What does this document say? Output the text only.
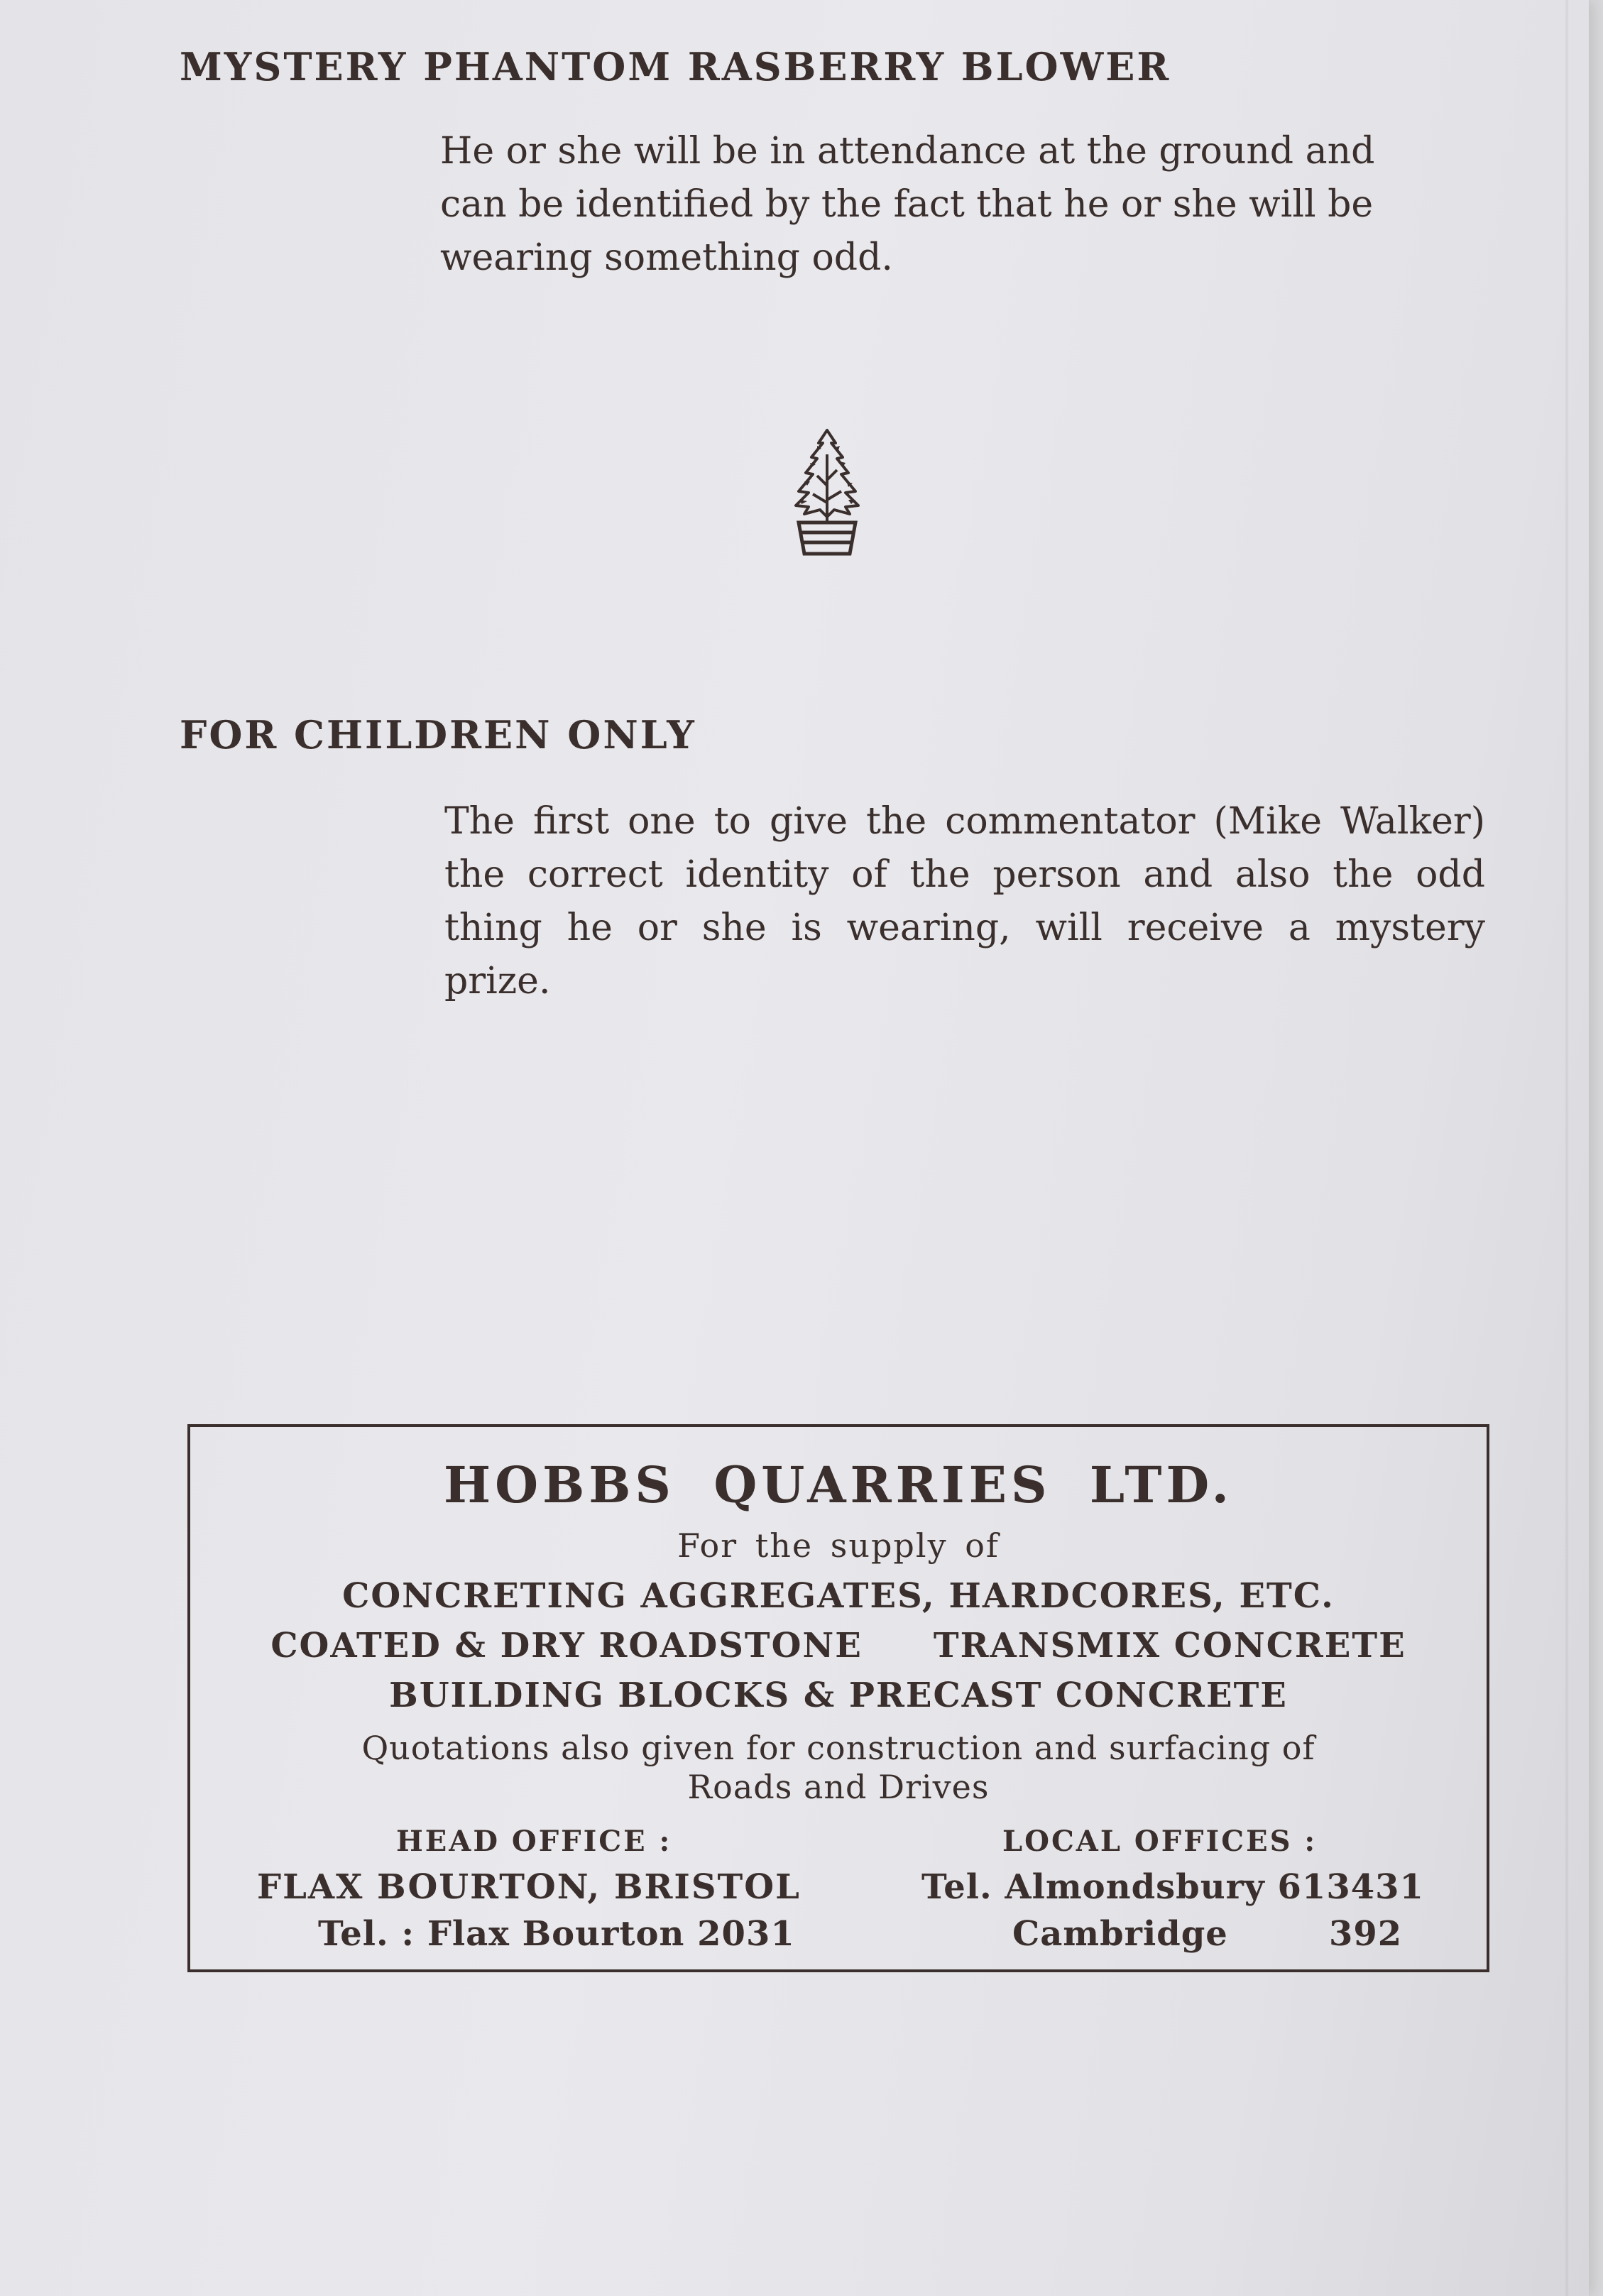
MYSTERY PHANTOM RASBERRY BLOWER
He or she will be in attendance at the ground and
can be identified by the fact that he or she will be
wearing something odd.
FOR CHILDREN ONLY
The first one to give the commentator (Mike Walker) the correct identity of the person and also the odd thing he or she is wearing, will receive a mystery prize.
HOBBS QUARRIES LTD.
For the supply of
CONCRETING AGGREGATES, HARDCORES, ETC.
COATED & DRY ROADSTONE TRANSMIX CONCRETE
BUILDING BLOCKS & PRECAST CONCRETE
Quotations also given for construction and surfacing of
Roads and Drives
HEAD OFFICE :
FLAX BOURTON, BRISTOL
Tel. : Flax Bourton 2031
LOCAL OFFICES :
Tel. Almondsbury 613431
Cambridge	392
